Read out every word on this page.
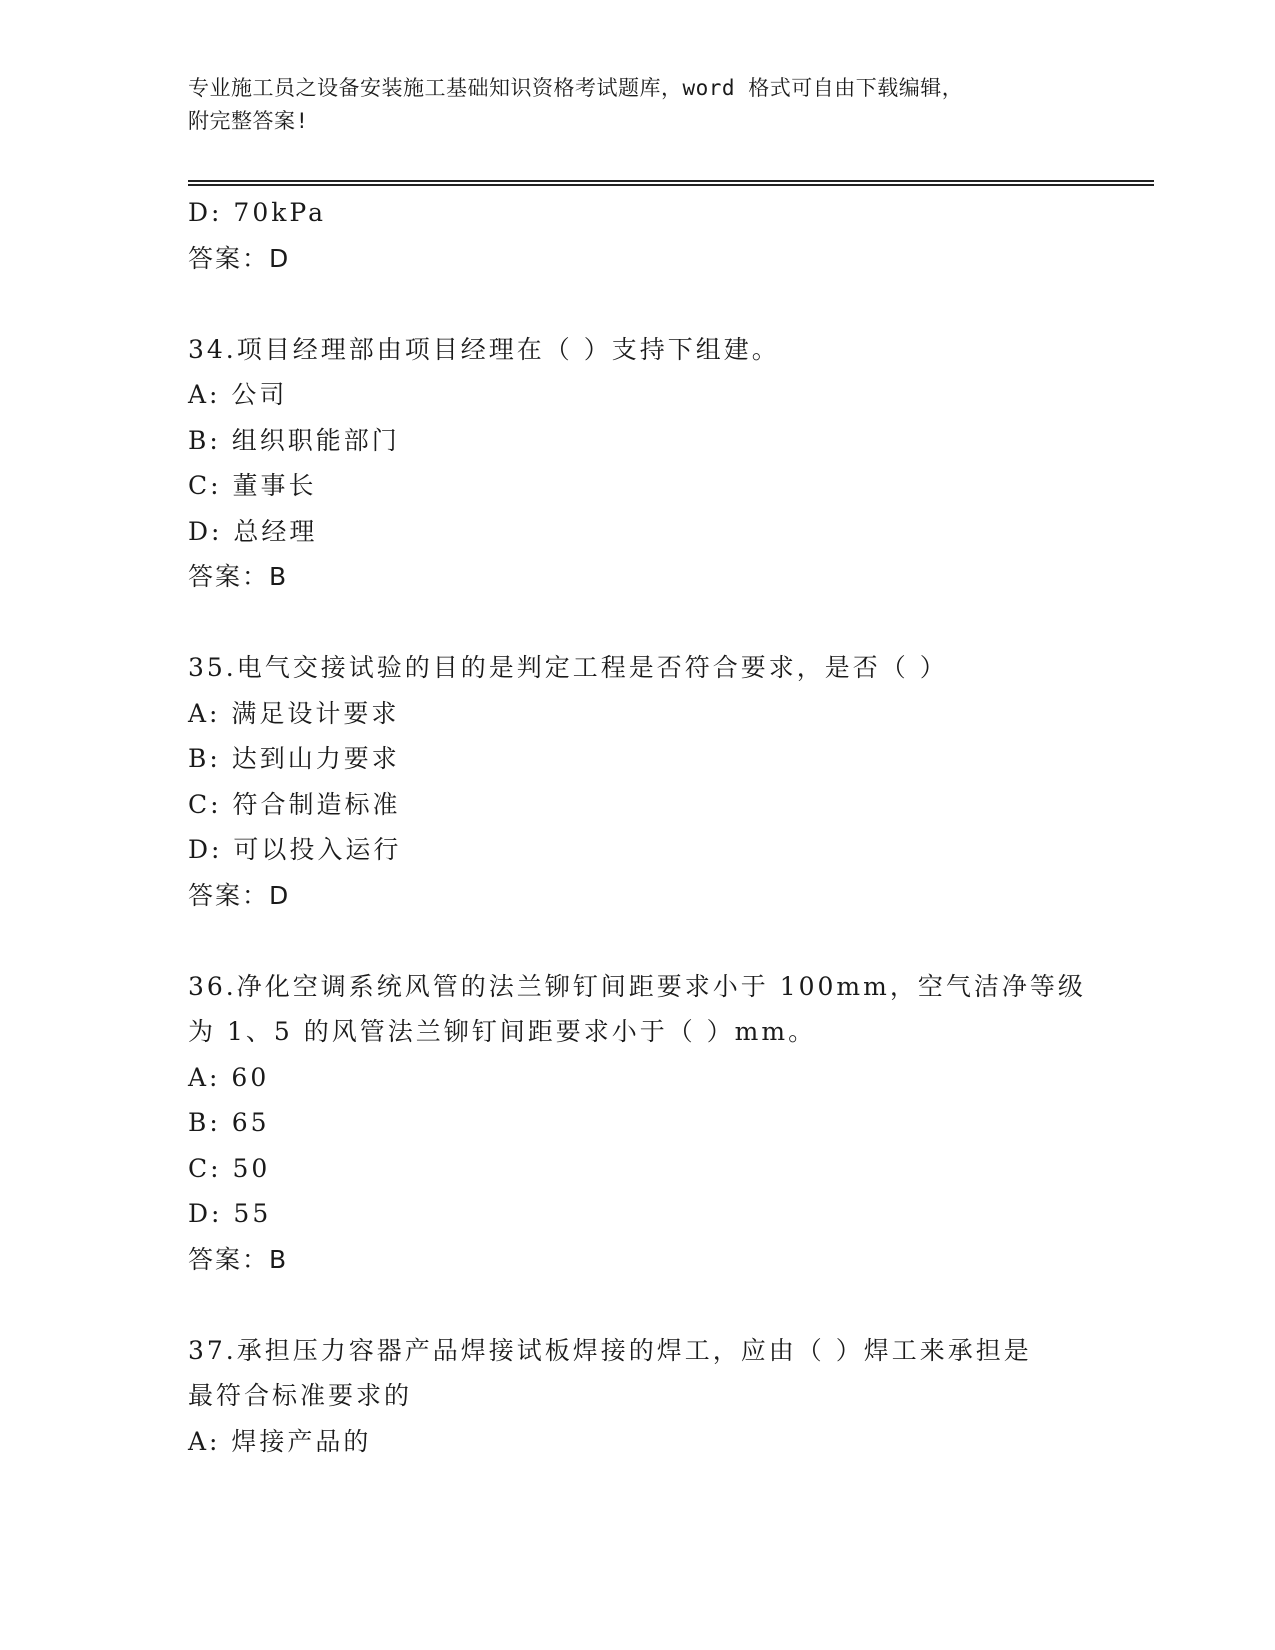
专业施工员之设备安装施工基础知识资格考试题库，word 格式可自由下载编辑，
附完整答案!
D: 70kPa
答案：D
34.项目经理部由项目经理在（ ）支持下组建。
A: 公司
B: 组织职能部门
C: 董事长
D: 总经理
答案：B
35.电气交接试验的目的是判定工程是否符合要求，是否（ ）
A: 满足设计要求
B: 达到山力要求
C: 符合制造标准
D: 可以投入运行
答案：D
36.净化空调系统风管的法兰铆钉间距要求小于 100mm，空气洁净等级
为 1、5 的风管法兰铆钉间距要求小于（ ）mm。
A: 60
B: 65
C: 50
D: 55
答案：B
37.承担压力容器产品焊接试板焊接的焊工，应由（ ）焊工来承担是
最符合标准要求的
A: 焊接产品的
